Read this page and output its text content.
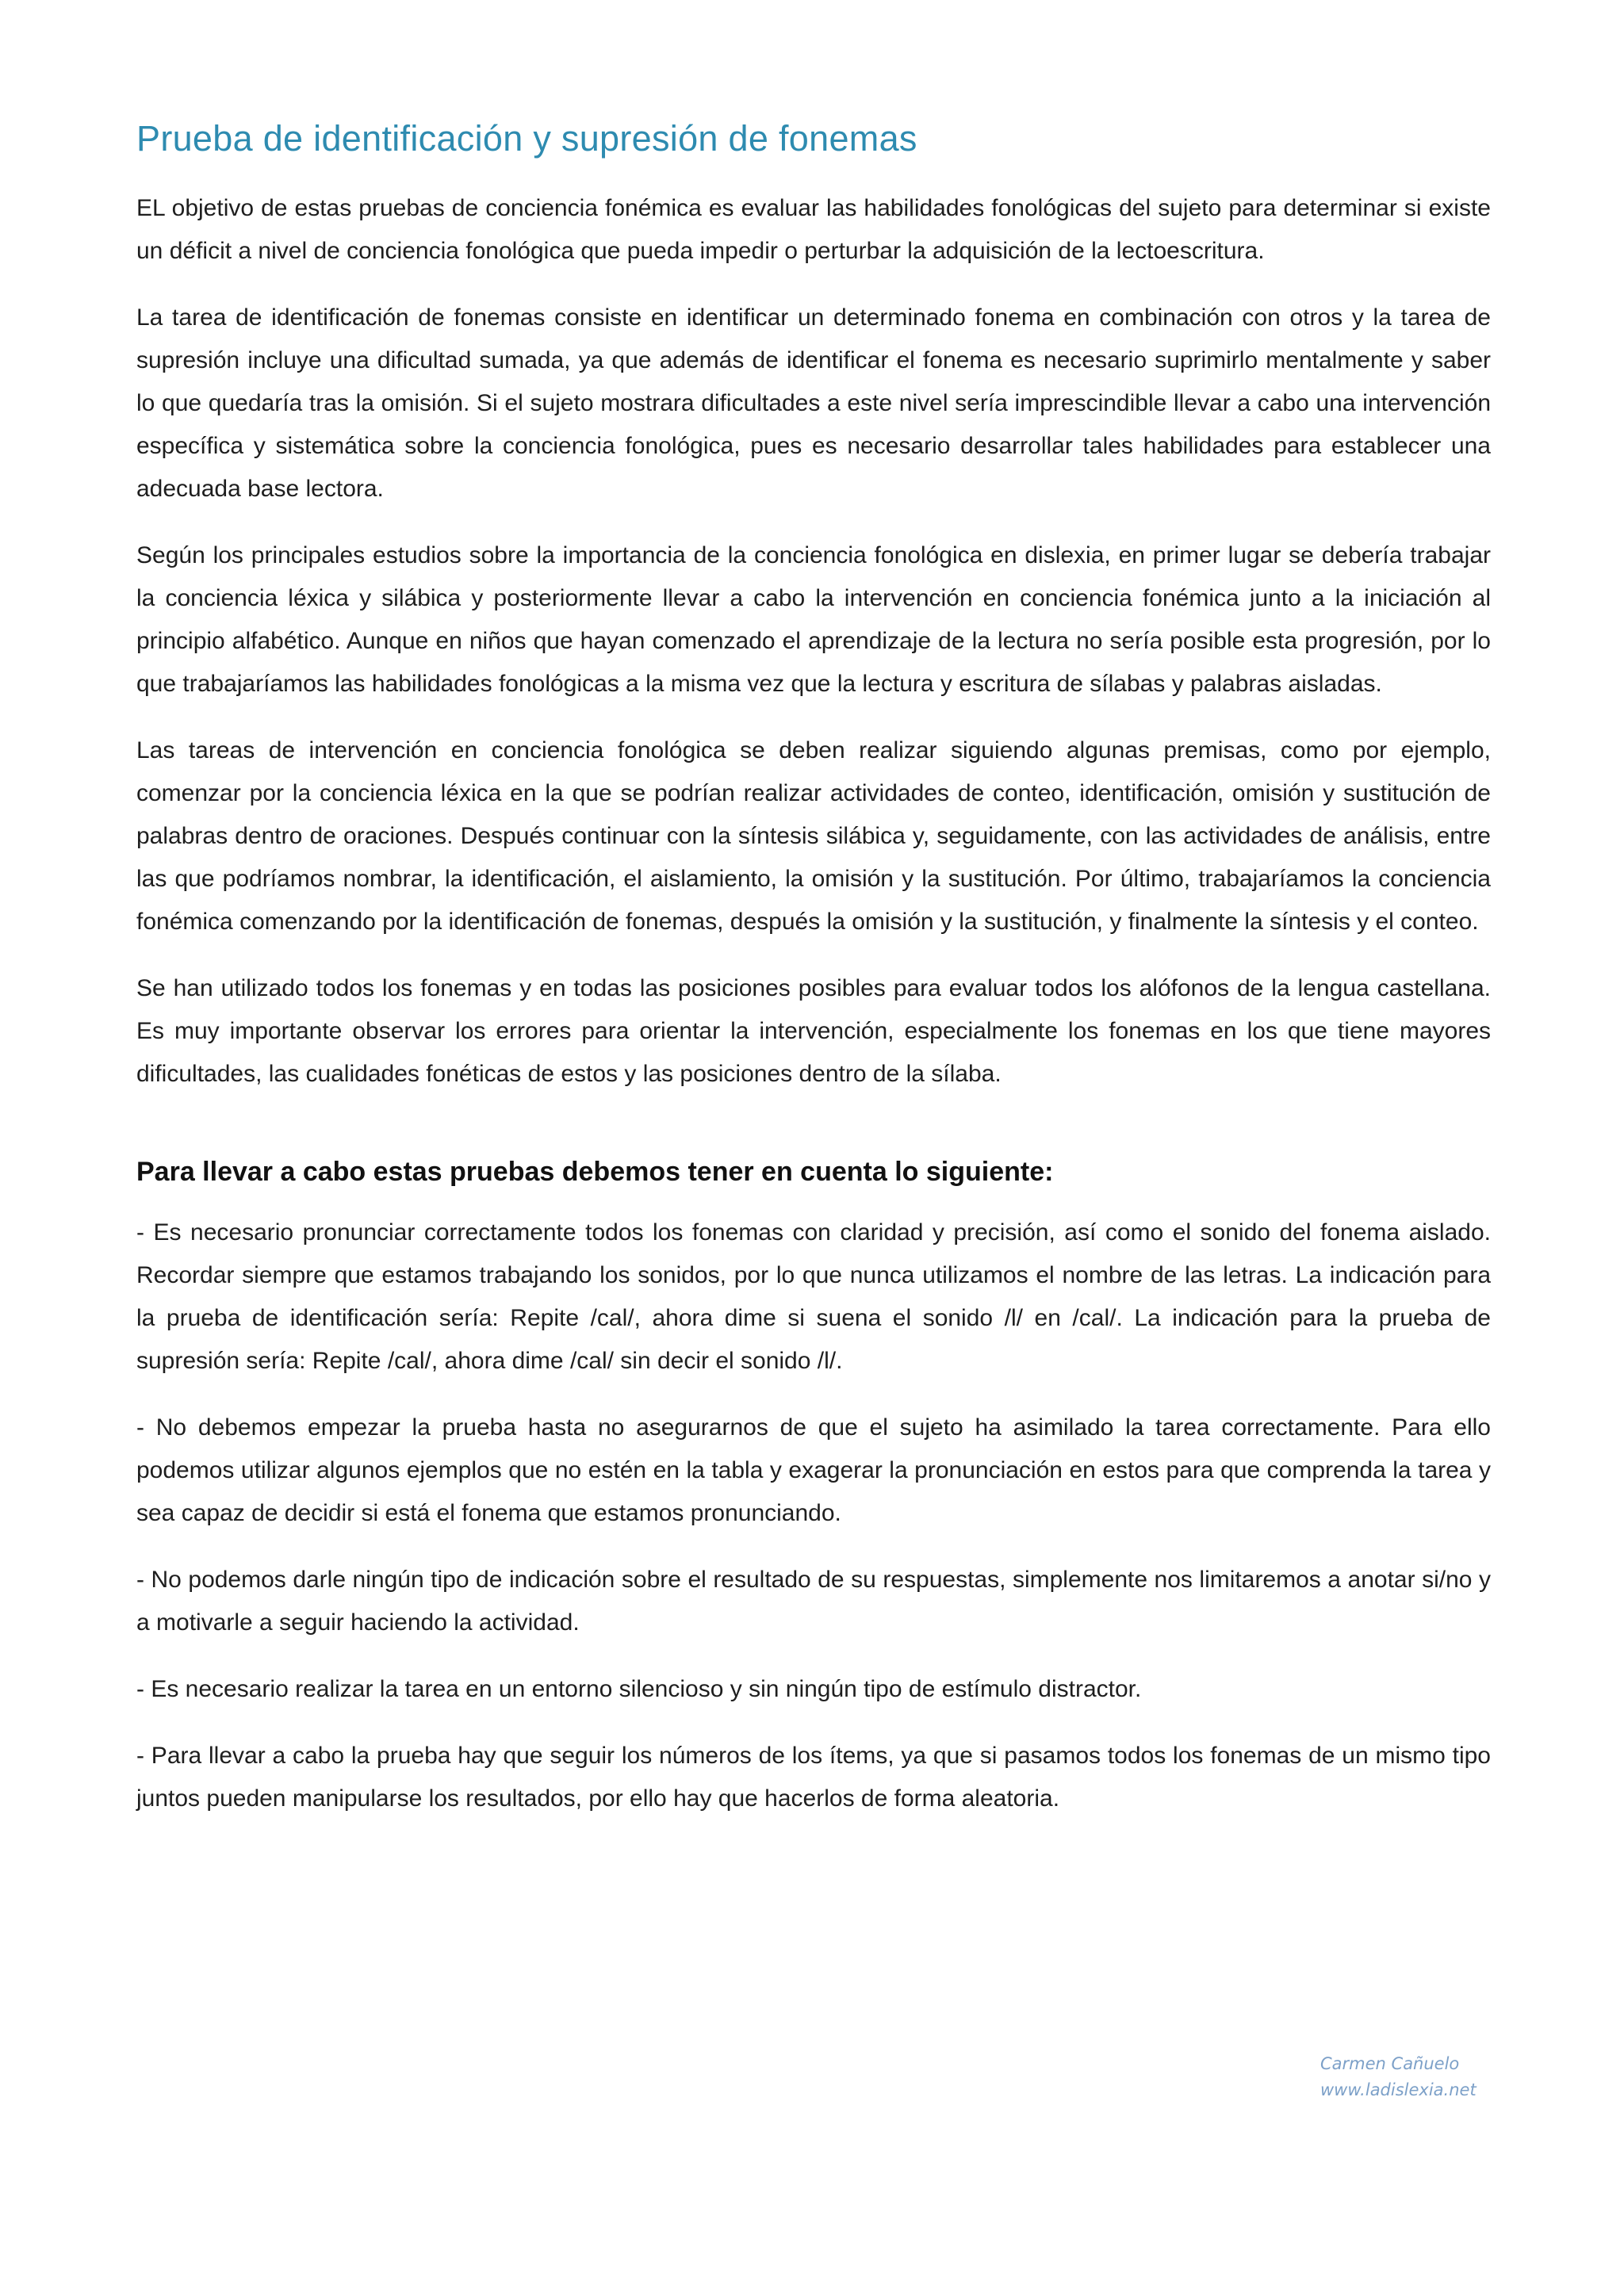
Prueba de identificación y supresión de fonemas

EL objetivo de estas pruebas de conciencia fonémica es evaluar las habilidades fonológicas del sujeto para determinar si existe un déficit a nivel de conciencia fonológica que pueda impedir o perturbar la adquisición de la lectoescritura.

La tarea de identificación de fonemas consiste en identificar un determinado fonema en combinación con otros y la tarea de supresión incluye una dificultad sumada, ya que además de identificar el fonema es necesario suprimirlo mentalmente y saber lo que quedaría tras la omisión. Si el sujeto mostrara dificultades a este nivel sería imprescindible llevar a cabo una intervención específica y sistemática sobre la conciencia fonológica, pues es necesario desarrollar tales habilidades para establecer una adecuada base lectora.

Según los principales estudios sobre la importancia de la conciencia fonológica en dislexia, en primer lugar se debería trabajar la conciencia léxica y silábica y posteriormente llevar a cabo la intervención en conciencia fonémica junto a la iniciación al principio alfabético. Aunque en niños que hayan comenzado el aprendizaje de la lectura no sería posible esta progresión, por lo que trabajaríamos las habilidades fonológicas a la misma vez que la lectura y escritura de sílabas y palabras aisladas.

Las tareas de intervención en conciencia fonológica se deben realizar siguiendo algunas premisas, como por ejemplo, comenzar por la conciencia léxica en la que se podrían realizar actividades de conteo, identificación, omisión y sustitución de palabras dentro de oraciones. Después continuar con la síntesis silábica y, seguidamente, con las actividades de análisis, entre las que podríamos nombrar, la identificación, el aislamiento, la omisión y la sustitución. Por último, trabajaríamos la conciencia fonémica comenzando por la identificación de fonemas, después la omisión y la sustitución, y finalmente la síntesis y el conteo.

Se han utilizado todos los fonemas y en todas las posiciones posibles para evaluar todos los alófonos de la lengua castellana. Es muy importante observar los errores para orientar la intervención, especialmente los fonemas en los que tiene mayores dificultades, las cualidades fonéticas de estos y las posiciones dentro de la sílaba.

Para llevar a cabo estas pruebas debemos tener en cuenta lo siguiente:

- Es necesario pronunciar correctamente todos los fonemas con claridad y precisión, así como el sonido del fonema aislado. Recordar siempre que estamos trabajando los sonidos, por lo que nunca utilizamos el nombre de las letras. La indicación para la prueba de identificación sería: Repite /cal/, ahora dime si suena el sonido /l/ en /cal/. La indicación para la prueba de supresión sería: Repite /cal/, ahora dime /cal/ sin decir el sonido /l/.

- No debemos empezar la prueba hasta no asegurarnos de que el sujeto ha asimilado la tarea correctamente. Para ello podemos utilizar algunos ejemplos que no estén en la tabla y exagerar la pronunciación en estos para que comprenda la tarea y sea capaz de decidir si está el fonema que estamos pronunciando.

- No podemos darle ningún tipo de indicación sobre el resultado de su respuestas, simplemente nos limitaremos a anotar si/no y a motivarle a seguir haciendo la actividad.

- Es necesario realizar la tarea en un entorno silencioso y sin ningún tipo de estímulo distractor.

- Para llevar a cabo la prueba hay que seguir los números de los ítems, ya que si pasamos todos los fonemas de un mismo tipo juntos pueden manipularse los resultados, por ello hay que hacerlos de forma aleatoria.

Carmen Cañuelo
www.ladislexia.net
